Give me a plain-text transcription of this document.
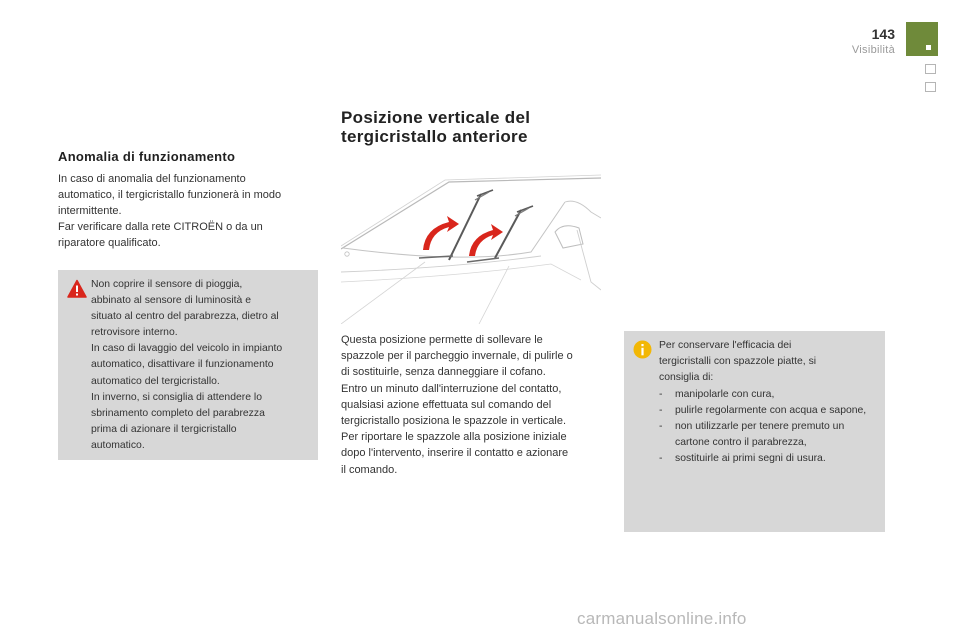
143
Visibilità
Anomalia di funzionamento
In caso di anomalia del funzionamento
automatico, il tergicristallo funzionerà in modo
intermittente.
Far verificare dalla rete CITROËN o da un
riparatore qualificato.
Non coprire il sensore di pioggia,
abbinato al sensore di luminosità e
situato al centro del parabrezza, dietro al
retrovisore interno.
In caso di lavaggio del veicolo in impianto
automatico, disattivare il funzionamento
automatico del tergicristallo.
In inverno, si consiglia di attendere lo
sbrinamento completo del parabrezza
prima di azionare il tergicristallo
automatico.
Posizione verticale del
tergicristallo anteriore
Questa posizione permette di sollevare le
spazzole per il parcheggio invernale, di pulirle o
di sostituirle, senza danneggiare il cofano.
Entro un minuto dall'interruzione del contatto,
qualsiasi azione effettuata sul comando del
tergicristallo posiziona le spazzole in verticale.
Per riportare le spazzole alla posizione iniziale
dopo l'intervento, inserire il contatto e azionare
il comando.
Per conservare l'efficacia dei
tergicristalli con spazzole piatte, si
consiglia di:
- manipolarle con cura,
- pulirle regolarmente con acqua e sapone,
- non utilizzarle per tenere premuto un cartone contro il parabrezza,
- sostituirle ai primi segni di usura.
carmanualsonline.info
